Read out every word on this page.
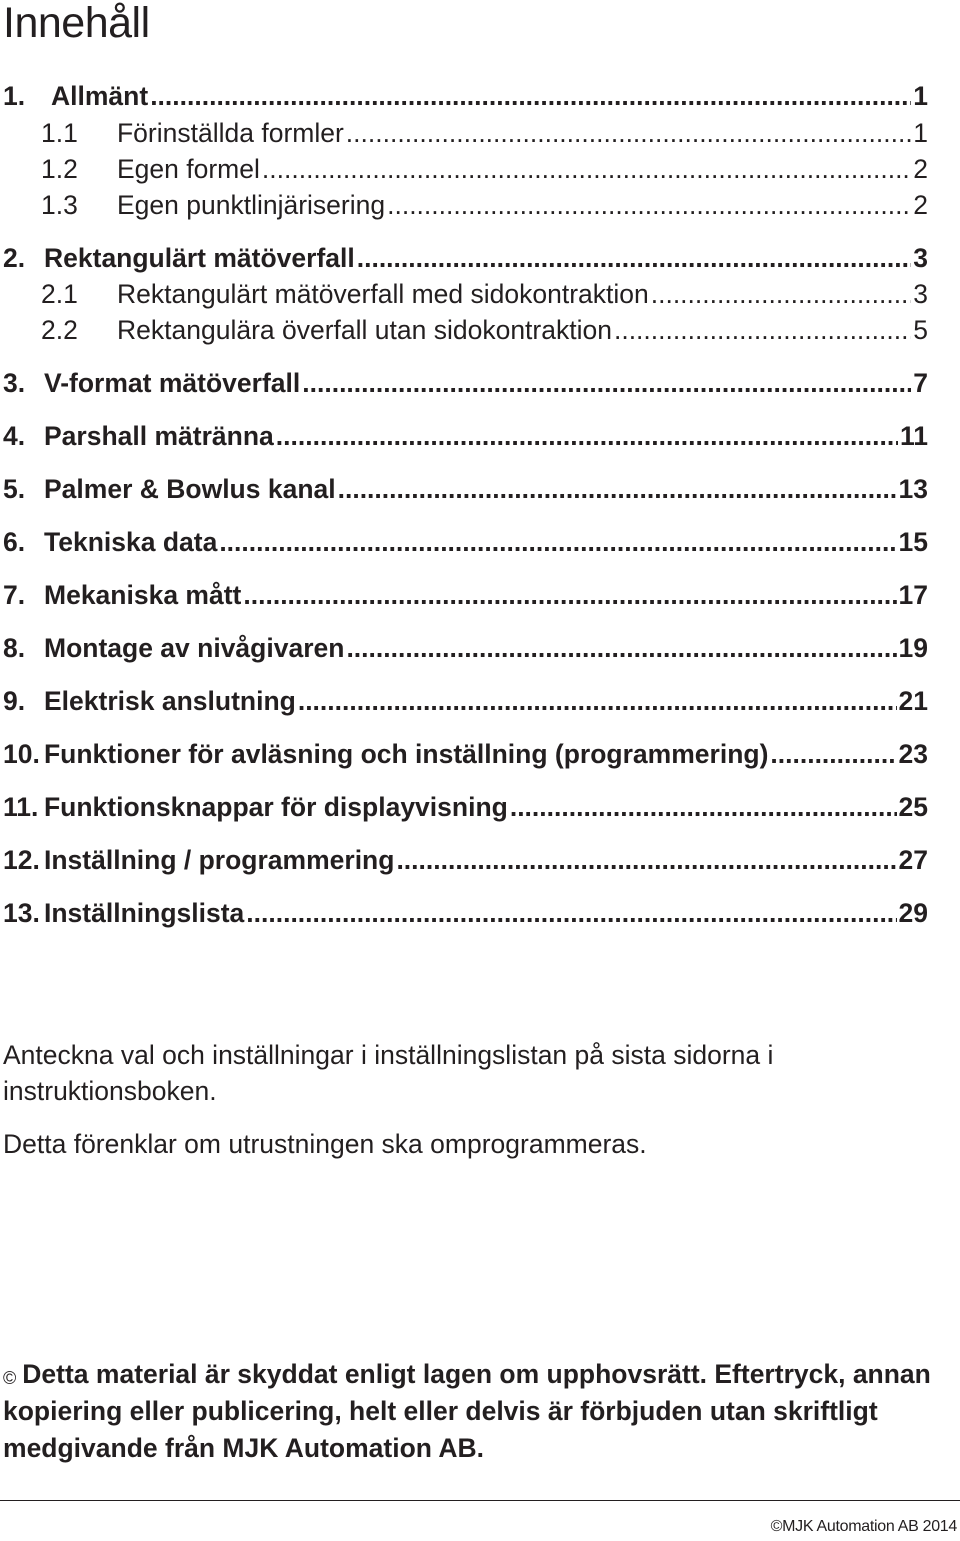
Innehåll
1. Allmänt .....	1
1.1	Förinställda formler .....	1
1.2	Egen formel .....	2
1.3	Egen punktlinjärisering .....	2
2. Rektangulärt mätöverfall .....	3
2.1	Rektangulärt mätöverfall med sidokontraktion .....	3
2.2	Rektangulära överfall utan sidokontraktion .....	5
3. V-format mätöverfall .....	7
4. Parshall mätränna .....	11
5. Palmer & Bowlus kanal .....	13
6. Tekniska data .....	15
7. Mekaniska mått .....	17
8. Montage av nivågivaren .....	19
9. Elektrisk anslutning .....	21
10. Funktioner för avläsning och inställning (programmering) .....	23
11. Funktionsknappar för displayvisning .....	25
12. Inställning / programmering .....	27
13. Inställningslista .....	29

Anteckna val och inställningar i inställningslistan på sista sidorna i instruktionsboken.

Detta förenklar om utrustningen ska omprogrammeras.

© Detta material är skyddat enligt lagen om upphovsrätt. Eftertryck, annan kopiering eller publicering, helt eller delvis är förbjuden utan skriftligt medgivande från MJK Automation AB.

©MJK Automation AB 2014
